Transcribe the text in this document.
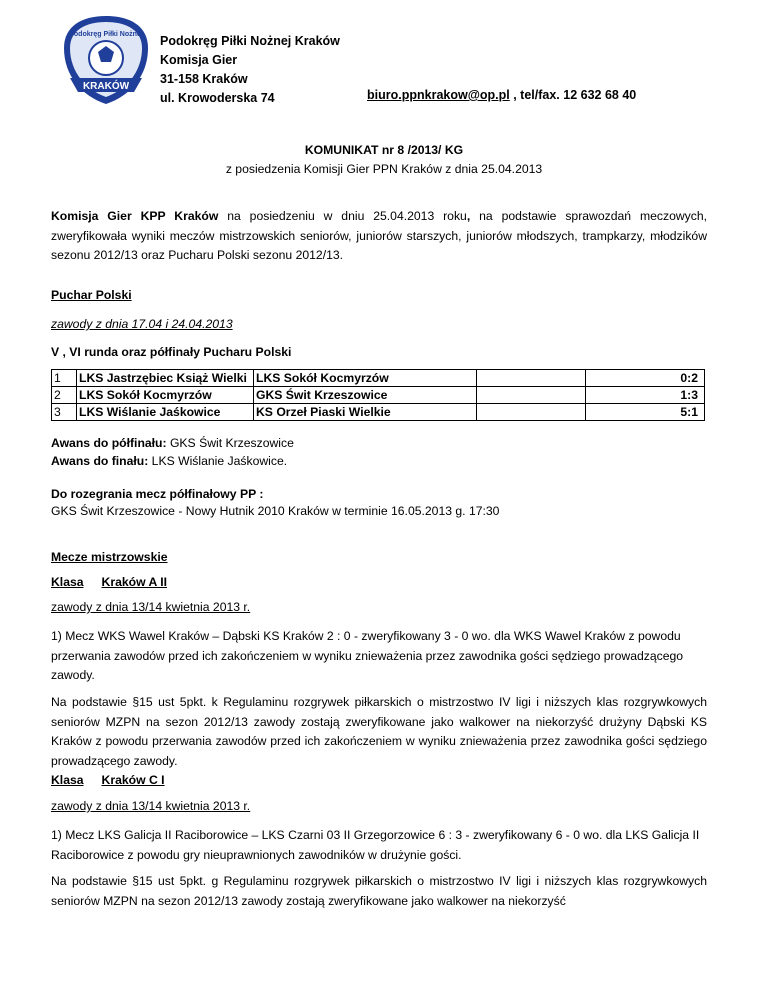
Podokręg Piłki Nożnej
KRAKÓW
Podokręg Piłki Nożnej Kraków
Komisja Gier
31-158 Kraków
ul. Krowoderska 74	biuro.ppnkrakow@op.pl , tel/fax. 12 632 68 40
KOMUNIKAT nr 8 /2013/ KG
z posiedzenia Komisji Gier PPN Kraków z dnia 25.04.2013
Komisja Gier KPP Kraków na posiedzeniu w dniu 25.04.2013 roku, na podstawie sprawozdań meczowych, zweryfikowała wyniki meczów mistrzowskich seniorów, juniorów starszych, juniorów młodszych, trampkarzy, młodzików sezonu 2012/13 oraz Pucharu Polski sezonu 2012/13.
Puchar Polski
zawody z dnia 17.04 i 24.04.2013
V , VI runda oraz półfinały Pucharu Polski
1	LKS Jastrzębiec Książ Wielki	LKS Sokół Kocmyrzów		0:2
2	LKS Sokół Kocmyrzów	GKS Świt Krzeszowice		1:3
3	LKS Wiślanie Jaśkowice	KS Orzeł Piaski Wielkie		5:1
Awans do półfinału: GKS Świt Krzeszowice
Awans do finału: LKS Wiślanie Jaśkowice.
Do rozegrania mecz półfinałowy PP :
GKS Świt Krzeszowice - Nowy Hutnik 2010 Kraków w terminie 16.05.2013 g. 17:30
Mecze mistrzowskie
Klasa Kraków A II
zawody z dnia 13/14 kwietnia 2013 r.
1) Mecz WKS Wawel Kraków – Dąbski KS Kraków 2 : 0 - zweryfikowany 3 - 0 wo. dla WKS Wawel Kraków z powodu przerwania zawodów przed ich zakończeniem w wyniku znieważenia przez zawodnika gości sędziego prowadzącego zawody.
Na podstawie §15 ust 5pkt. k Regulaminu rozgrywek piłkarskich o mistrzostwo IV ligi i niższych klas rozgrywkowych seniorów MZPN na sezon 2012/13 zawody zostają zweryfikowane jako walkower na niekorzyść drużyny Dąbski KS Kraków z powodu przerwania zawodów przed ich zakończeniem w wyniku znieważenia przez zawodnika gości sędziego prowadzącego zawody.
Klasa Kraków C I
zawody z dnia 13/14 kwietnia 2013 r.
1) Mecz LKS Galicja II Raciborowice – LKS Czarni 03 II Grzegorzowice 6 : 3 - zweryfikowany 6 - 0 wo. dla LKS Galicja II Raciborowice z powodu gry nieuprawnionych zawodników w drużynie gości.
Na podstawie §15 ust 5pkt. g Regulaminu rozgrywek piłkarskich o mistrzostwo IV ligi i niższych klas rozgrywkowych seniorów MZPN na sezon 2012/13 zawody zostają zweryfikowane jako walkower na niekorzyść
